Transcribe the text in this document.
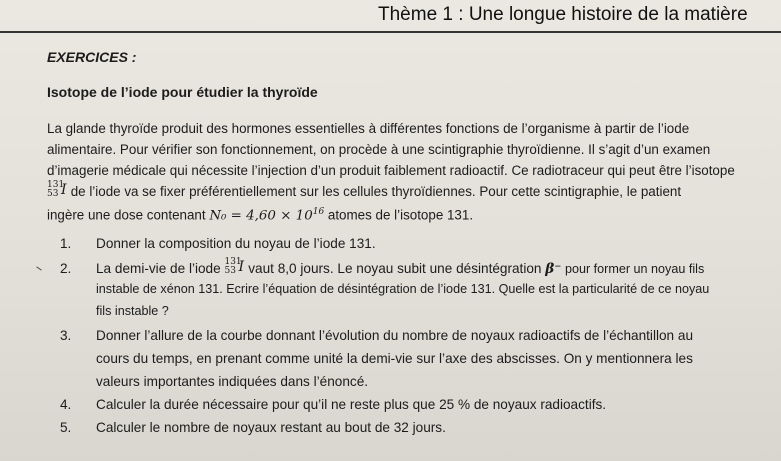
Thème 1 : Une longue histoire de la matière
EXERCICES :
Isotope de l’iode pour étudier la thyroïde
La glande thyroïde produit des hormones essentielles à différentes fonctions de l’organisme à partir de l’iode
alimentaire. Pour vérifier son fonctionnement, on procède à une scintigraphie thyroïdienne. Il s’agit d’un examen
d’imagerie médicale qui nécessite l’injection d’un produit faiblement radioactif. Ce radiotraceur qui peut être l’isotope
131
53 I de l’iode va se fixer préférentiellement sur les cellules thyroïdiennes. Pour cette scintigraphie, le patient
ingère une dose contenant $N_0 = 4,60 \times 10^{16}$ atomes de l’isotope 131.
1. Donner la composition du noyau de l’iode 131.
2. La demi-vie de l’iode 131
53 I vaut 8,0 jours. Le noyau subit une désintégration β⁻ pour former un noyau fils
instable de xénon 131. Ecrire l’équation de désintégration de l’iode 131. Quelle est la particularité de ce noyau
fils instable ?
3. Donner l’allure de la courbe donnant l’évolution du nombre de noyaux radioactifs de l’échantillon au
cours du temps, en prenant comme unité la demi-vie sur l’axe des abscisses. On y mentionnera les
valeurs importantes indiquées dans l’énoncé.
4. Calculer la durée nécessaire pour qu’il ne reste plus que 25 % de noyaux radioactifs.
5. Calculer le nombre de noyaux restant au bout de 32 jours.
